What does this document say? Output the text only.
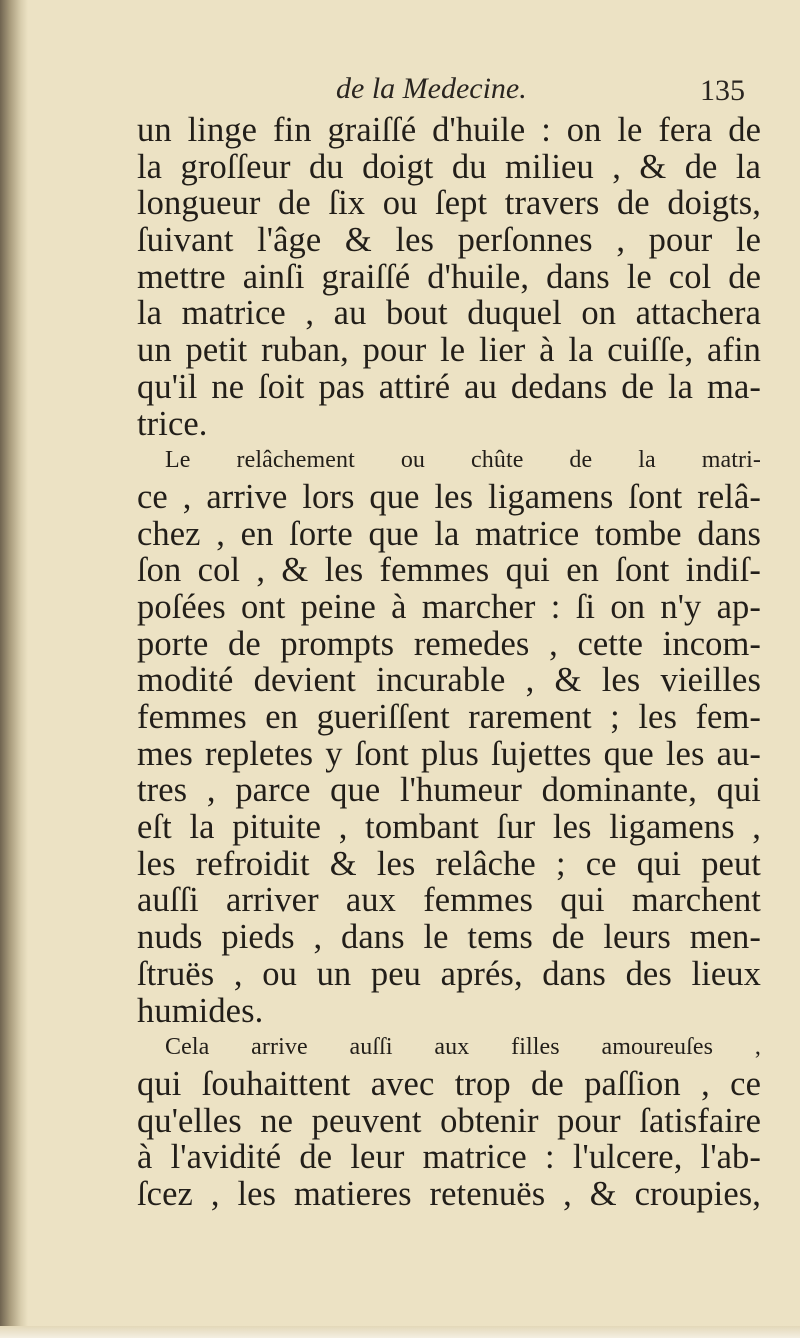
de la Medecine.	135
un linge fin graiſſé d'huile : on le fera de
la groſſeur du doigt du milieu , & de la
longueur de ſix ou ſept travers de doigts,
ſuivant l'âge & les perſonnes , pour le
mettre ainſi graiſſé d'huile, dans le col de
la matrice , au bout duquel on attachera
un petit ruban, pour le lier à la cuiſſe, afin
qu'il ne ſoit pas attiré au dedans de la ma-
trice.
Le relâchement ou chûte de la matri-
ce , arrive lors que les ligamens ſont relâ-
chez , en ſorte que la matrice tombe dans
ſon col , & les femmes qui en ſont indiſ-
poſées ont peine à marcher : ſi on n'y ap-
porte de prompts remedes , cette incom-
modité devient incurable , & les vieilles
femmes en gueriſſent rarement ; les fem-
mes repletes y ſont plus ſujettes que les au-
tres , parce que l'humeur dominante, qui
eſt la pituite , tombant ſur les ligamens ,
les refroidit & les relâche ; ce qui peut
auſſi arriver aux femmes qui marchent
nuds pieds , dans le tems de leurs men-
ſtruës , ou un peu aprés, dans des lieux
humides.
Cela arrive auſſi aux filles amoureuſes ,
qui ſouhaittent avec trop de paſſion , ce
qu'elles ne peuvent obtenir pour ſatisfaire
à l'avidité de leur matrice : l'ulcere, l'ab-
ſcez , les matieres retenuës , & croupies,
